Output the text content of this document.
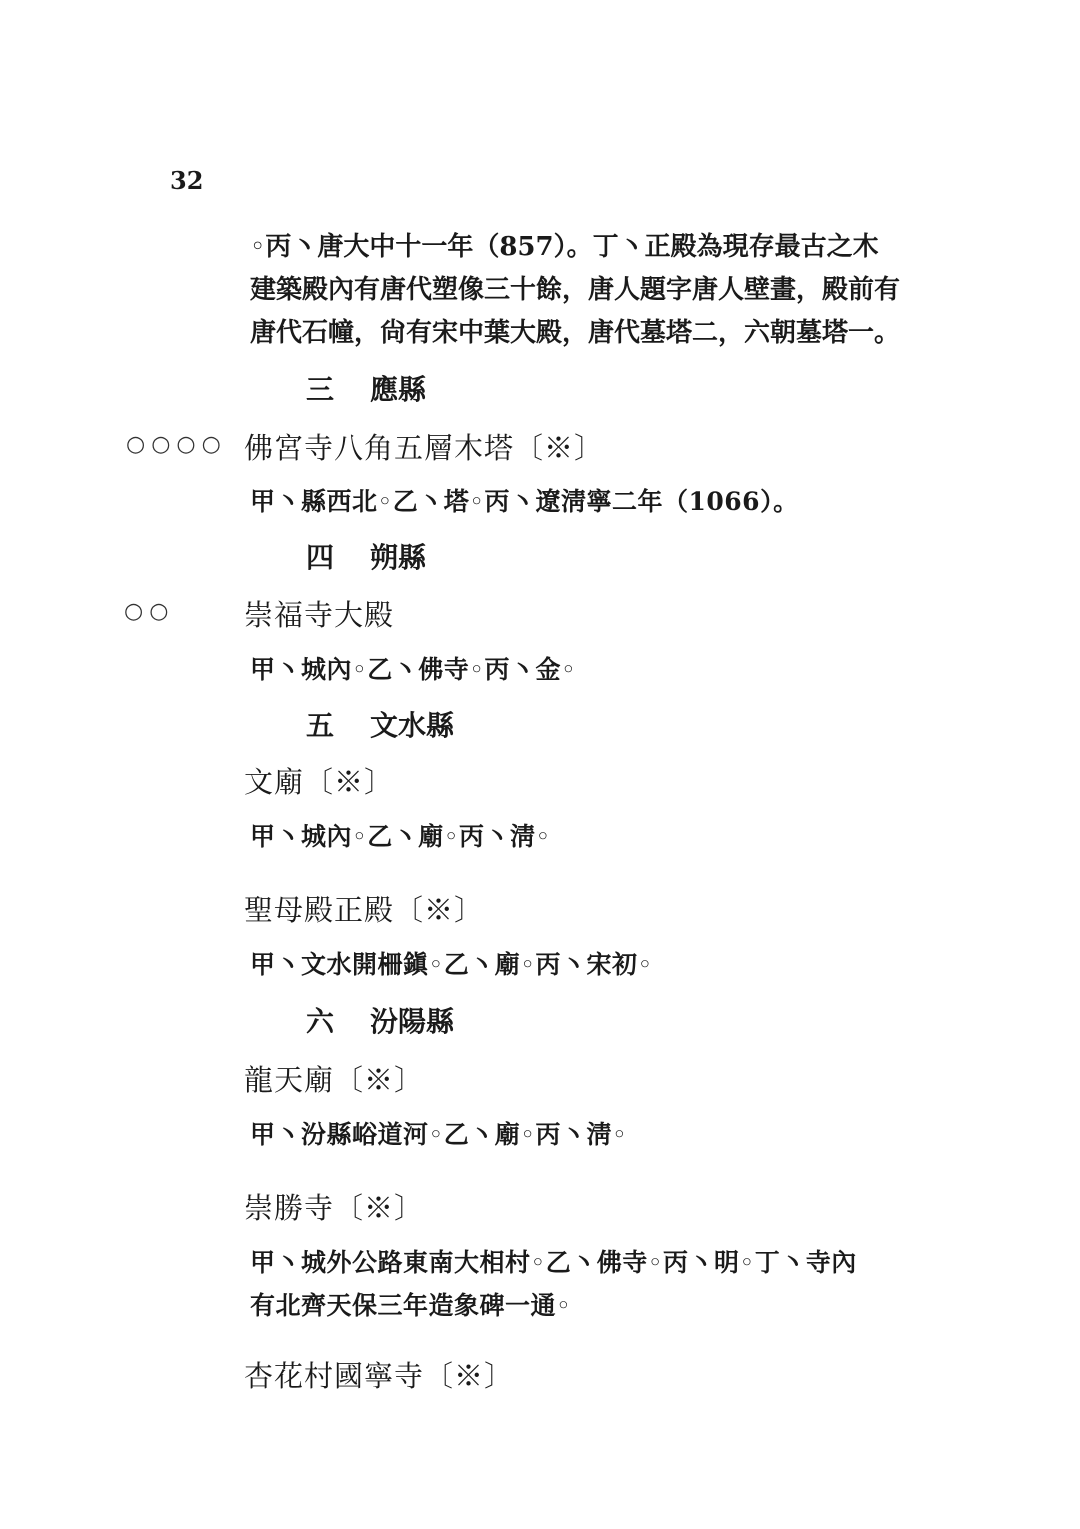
32
◦丙丶唐大中十一年（857）。丁丶正殿為現存最古之木
建築殿內有唐代塑像三十餘，唐人題字唐人壁畫，殿前有
唐代石幢，尙有宋中葉大殿，唐代墓塔二，六朝墓塔一。
三 應縣
○○○○ 佛宮寺八角五層木塔〔※〕
甲丶縣西北◦乙丶塔◦丙丶遼淸寧二年（1066）。
四 朔縣
○○ 崇福寺大殿
甲丶城內◦乙丶佛寺◦丙丶金◦
五 文水縣
文廟〔※〕
甲丶城內◦乙丶廟◦丙丶淸◦
聖母殿正殿〔※〕
甲丶文水開柵鎭◦乙丶廟◦丙丶宋初◦
六 汾陽縣
龍天廟〔※〕
甲丶汾縣峪道河◦乙丶廟◦丙丶淸◦
崇勝寺〔※〕
甲丶城外公路東南大相村◦乙丶佛寺◦丙丶明◦丁丶寺內
有北齊天保三年造象碑一通◦
杏花村國寧寺〔※〕
